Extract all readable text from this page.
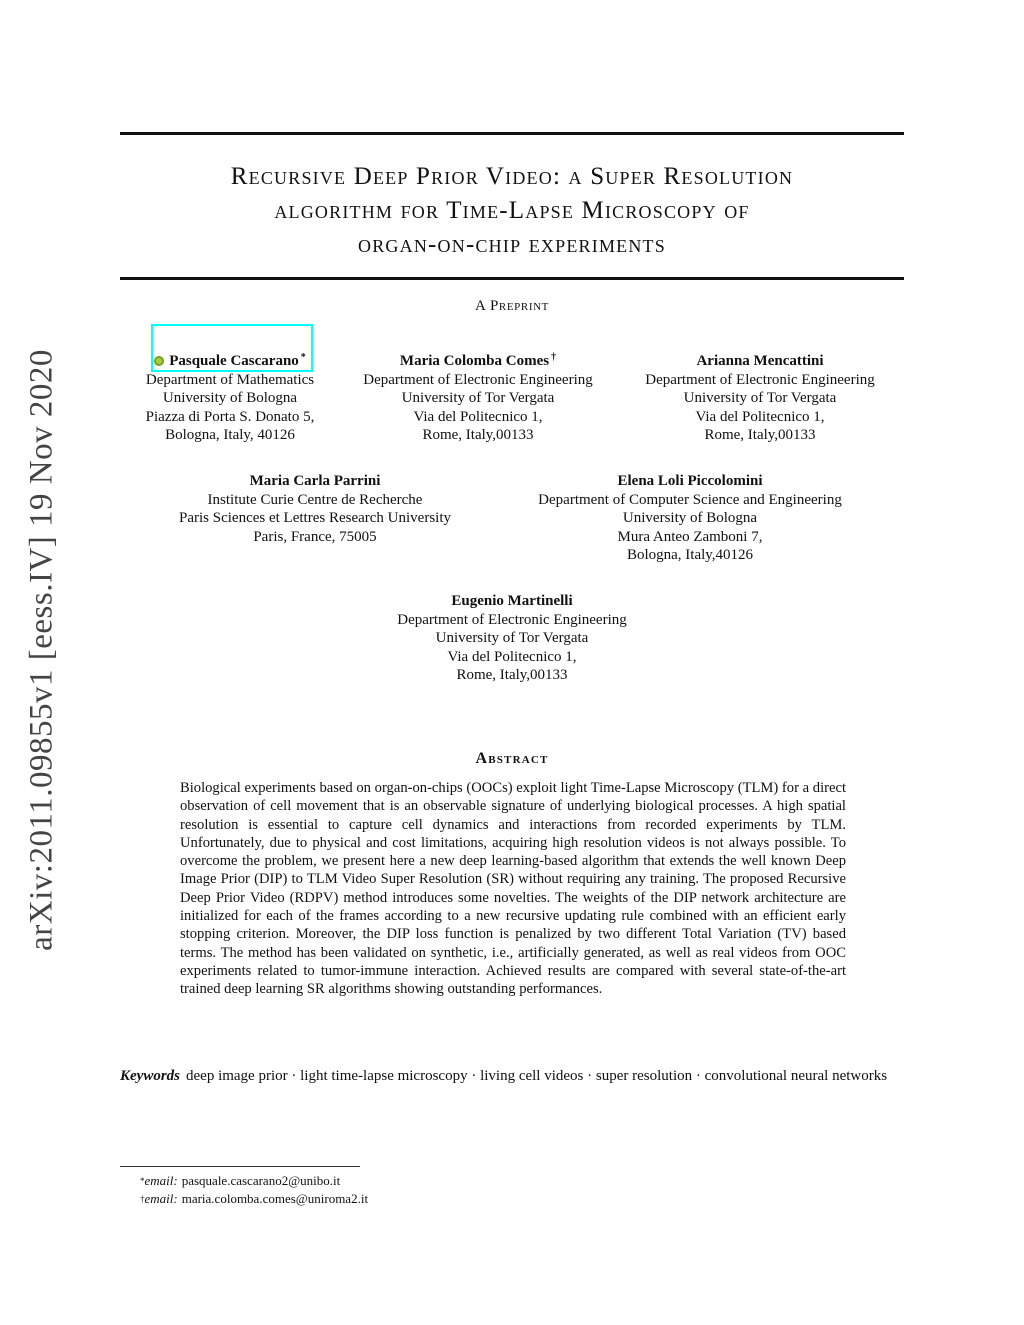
arXiv:2011.09855v1 [eess.IV] 19 Nov 2020
Recursive Deep Prior Video: a Super Resolution
algorithm for Time-Lapse Microscopy of
organ-on-chip experiments
A Preprint
Pasquale Cascarano *
Department of Mathematics
University of Bologna
Piazza di Porta S. Donato 5,
Bologna, Italy, 40126
Maria Colomba Comes †
Department of Electronic Engineering
University of Tor Vergata
Via del Politecnico 1,
Rome, Italy,00133
Arianna Mencattini
Department of Electronic Engineering
University of Tor Vergata
Via del Politecnico 1,
Rome, Italy,00133
Maria Carla Parrini
Institute Curie Centre de Recherche
Paris Sciences et Lettres Research University
Paris, France, 75005
Elena Loli Piccolomini
Department of Computer Science and Engineering
University of Bologna
Mura Anteo Zamboni 7,
Bologna, Italy,40126
Eugenio Martinelli
Department of Electronic Engineering
University of Tor Vergata
Via del Politecnico 1,
Rome, Italy,00133
Abstract
Biological experiments based on organ-on-chips (OOCs) exploit light Time-Lapse Microscopy (TLM) for a direct observation of cell movement that is an observable signature of underlying biological processes. A high spatial resolution is essential to capture cell dynamics and interactions from recorded experiments by TLM. Unfortunately, due to physical and cost limitations, acquiring high resolution videos is not always possible. To overcome the problem, we present here a new deep learning-based algorithm that extends the well known Deep Image Prior (DIP) to TLM Video Super Resolution (SR) without requiring any training. The proposed Recursive Deep Prior Video (RDPV) method introduces some novelties. The weights of the DIP network architecture are initialized for each of the frames according to a new recursive updating rule combined with an efficient early stopping criterion. Moreover, the DIP loss function is penalized by two different Total Variation (TV) based terms. The method has been validated on synthetic, i.e., artificially generated, as well as real videos from OOC experiments related to tumor-immune interaction. Achieved results are compared with several state-of-the-art trained deep learning SR algorithms showing outstanding performances.
Keywords deep image prior · light time-lapse microscopy · living cell videos · super resolution · convolutional neural networks
*email: pasquale.cascarano2@unibo.it
†email: maria.colomba.comes@uniroma2.it
